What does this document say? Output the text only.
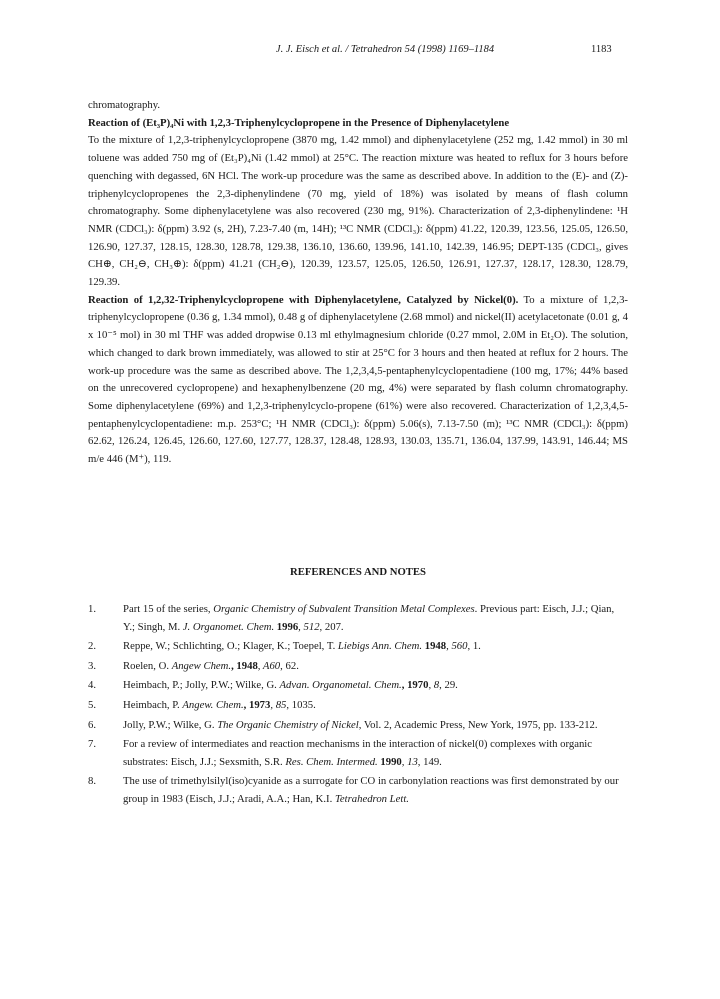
J. J. Eisch et al. / Tetrahedron 54 (1998) 1169–1184	1183

chromatography.

Reaction of (Et₃P)₄Ni with 1,2,3-Triphenylcyclopropene in the Presence of Diphenylacetylene

To the mixture of 1,2,3-triphenylcyclopropene (3870 mg, 1.42 mmol) and diphenylacetylene (252 mg, 1.42 mmol) in 30 ml toluene was added 750 mg of (Et₃P)₄Ni (1.42 mmol) at 25°C. The reaction mixture was heated to reflux for 3 hours before quenching with degassed, 6N HCl. The work-up procedure was the same as described above. In addition to the (E)- and (Z)-triphenylcyclopropenes the 2,3-diphenylindene (70 mg, yield of 18%) was isolated by means of flash column chromatography. Some diphenylacetylene was also recovered (230 mg, 91%). Characterization of 2,3-diphenylindene: ¹H NMR (CDCl₃): δ(ppm) 3.92 (s, 2H), 7.23-7.40 (m, 14H); ¹³C NMR (CDCl₃): δ(ppm) 41.22, 120.39, 123.56, 125.05, 126.50, 126.90, 127.37, 128.15, 128.30, 128.78, 129.38, 136.10, 136.60, 139.96, 141.10, 142.39, 146.95; DEPT-135 (CDCl₃, gives CH⊕, CH₂⊖, CH₃⊕): δ(ppm) 41.21 (CH₂⊖), 120.39, 123.57, 125.05, 126.50, 126.91, 127.37, 128.17, 128.30, 128.79, 129.39.

Reaction of 1,2,32-Triphenylcyclopropene with Diphenylacetylene, Catalyzed by Nickel(0). To a mixture of 1,2,3-triphenylcyclopropene (0.36 g, 1.34 mmol), 0.48 g of diphenylacetylene (2.68 mmol) and nickel(II) acetylacetonate (0.01 g, 4 x 10⁻⁵ mol) in 30 ml THF was added dropwise 0.13 ml ethylmagnesium chloride (0.27 mmol, 2.0M in Et₂O). The solution, which changed to dark brown immediately, was allowed to stir at 25°C for 3 hours and then heated at reflux for 2 hours. The work-up procedure was the same as described above. The 1,2,3,4,5-pentaphenylcyclopentadiene (100 mg, 17%; 44% based on the unrecovered cyclopropene) and hexaphenylbenzene (20 mg, 4%) were separated by flash column chromatography. Some diphenylacetylene (69%) and 1,2,3-triphenylcyclo-propene (61%) were also recovered. Characterization of 1,2,3,4,5-pentaphenylcyclopentadiene: m.p. 253°C; ¹H NMR (CDCl₃): δ(ppm) 5.06(s), 7.13-7.50 (m); ¹³C NMR (CDCl₃): δ(ppm) 62.62, 126.24, 126.45, 126.60, 127.60, 127.77, 128.37, 128.48, 128.93, 130.03, 135.71, 136.04, 137.99, 143.91, 146.44; MS m/e 446 (M⁺), 119.

REFERENCES AND NOTES
1.	Part 15 of the series, Organic Chemistry of Subvalent Transition Metal Complexes. Previous part: Eisch, J.J.; Qian, Y.; Singh, M. J. Organomet. Chem. 1996, 512, 207.
2.	Reppe, W.; Schlichting, O.; Klager, K.; Toepel, T. Liebigs Ann. Chem. 1948, 560, 1.
3.	Roelen, O. Angew Chem., 1948, A60, 62.
4.	Heimbach, P.; Jolly, P.W.; Wilke, G. Advan. Organometal. Chem., 1970, 8, 29.
5.	Heimbach, P. Angew. Chem., 1973, 85, 1035.
6.	Jolly, P.W.; Wilke, G. The Organic Chemistry of Nickel, Vol. 2, Academic Press, New York, 1975, pp. 133-212.
7.	For a review of intermediates and reaction mechanisms in the interaction of nickel(0) complexes with organic substrates: Eisch, J.J.; Sexsmith, S.R. Res. Chem. Intermed. 1990, 13, 149.
8.	The use of trimethylsilyl(iso)cyanide as a surrogate for CO in carbonylation reactions was first demonstrated by our group in 1983 (Eisch, J.J.; Aradi, A.A.; Han, K.I. Tetrahedron Lett.
